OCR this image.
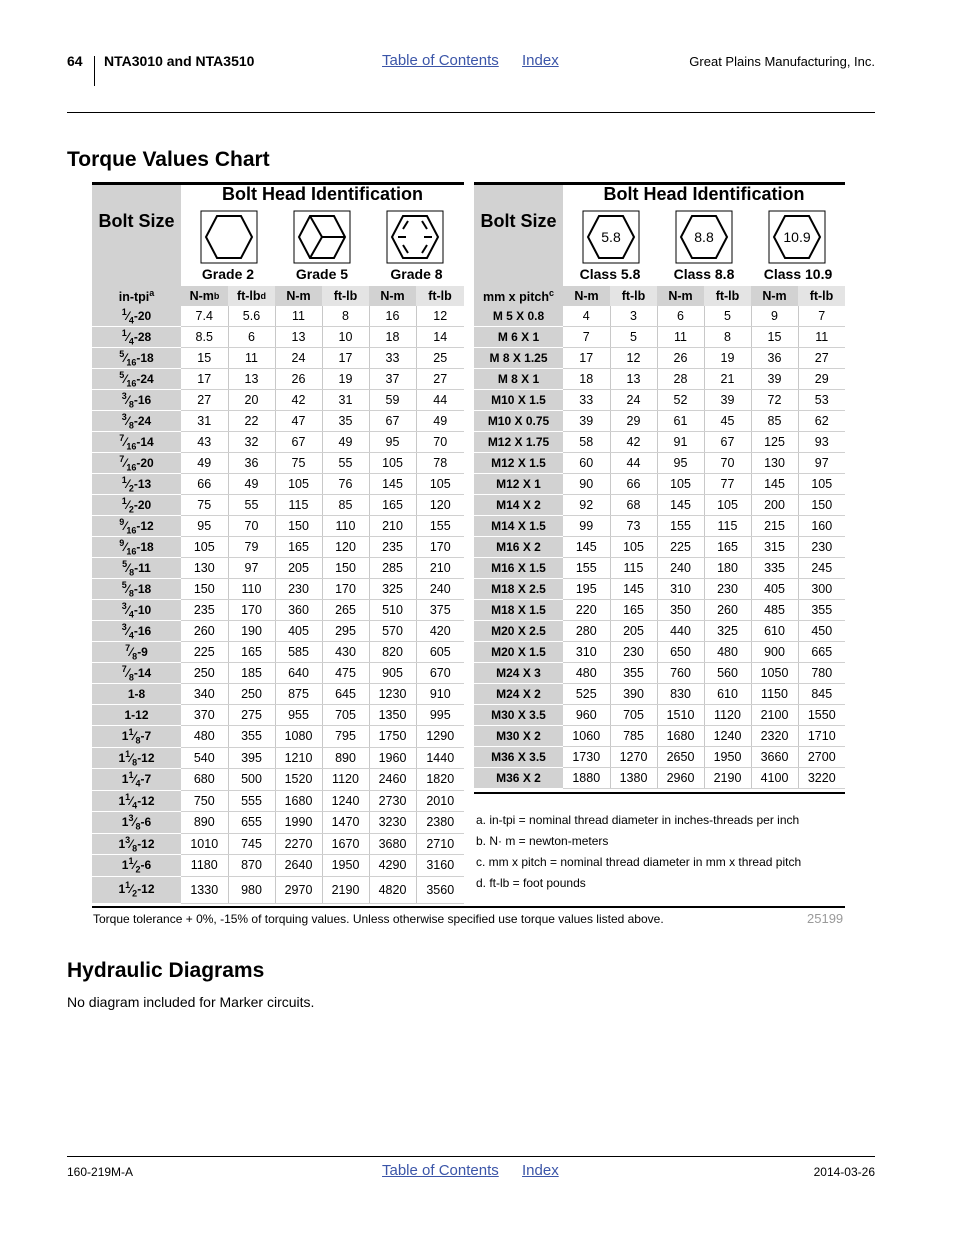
64 NTA3010 and NTA3510	Table of Contents Index	Great Plains Manufacturing, Inc.
Torque Values Chart
Bolt Size
in-tpi$^a$
Bolt Head Identification
Grade 2	Grade 5	Grade 8
N-m b ft-lb d	N-m	ft-lb	N-m	ft-lb
$^1⁄_4-20$	7.4	5.6	11	8	16	12
$^1⁄_4-28$	8.5	6	13	10	18	14
$^5⁄_{16}-18$	15	11	24	17	33	25
$^5⁄_{16}-24$	17	13	26	19	37	27
$^3⁄_8-16$	27	20	42	31	59	44
$^3⁄_8-24$	31	22	47	35	67	49
$^7⁄_{16}-14$	43	32	67	49	95	70
$^7⁄_{16}-20$	49	36	75	55	105	78
$^1⁄_2-13$	66	49	105	76	145	105
$^1⁄_2-20$	75	55	115	85	165	120
$^9⁄_{16}-12$	95	70	150	110	210	155
$^9⁄_{16}-18$	105	79	165	120	235	170
$^5⁄_8-11$	130	97	205	150	285	210
$^5⁄_8-18$	150	110	230	170	325	240
$^3⁄_4-10$	235	170	360	265	510	375
$^3⁄_4-16$	260	190	405	295	570	420
$^7⁄_8-9$	225	165	585	430	820	605
$^7⁄_8-14$	250	185	640	475	905	670
1-8	340	250	875	645	1230	910
1-12	370	275	955	705	1350	995
$1^1⁄_8-7$	480	355	1080	795	1750	1290
$1^1⁄_8-12$	540	395	1210	890	1960	1440
$1^1⁄_4-7$	680	500	1520	1120	2460	1820
$1^1⁄_4-12$	750	555	1680	1240	2730	2010
$1^3⁄_8-6$	890	655	1990	1470	3230	2380
$1^3⁄_8-12$	1010	745	2270	1670	3680	2710
$1^1⁄_2-6$	1180	870	2640	1950	4290	3160
$1^1⁄_2-12$	1330	980	2970	2190	4820	3560
Bolt Size
mm x pitch$^c$
Bolt Head Identification
5.8	8.8	10.9
Class 5.8	Class 8.8	Class 10.9
N-m	ft-lb	N-m	ft-lb	N-m	ft-lb
M 5 X 0.8	4	3	6	5	9	7
M 6 X 1	7	5	11	8	15	11
M 8 X 1.25	17	12	26	19	36	27
M 8 X 1	18	13	28	21	39	29
M10 X 1.5	33	24	52	39	72	53
M10 X 0.75	39	29	61	45	85	62
M12 X 1.75	58	42	91	67	125	93
M12 X 1.5	60	44	95	70	130	97
M12 X 1	90	66	105	77	145	105
M14 X 2	92	68	145	105	200	150
M14 X 1.5	99	73	155	115	215	160
M16 X 2	145	105	225	165	315	230
M16 X 1.5	155	115	240	180	335	245
M18 X 2.5	195	145	310	230	405	300
M18 X 1.5	220	165	350	260	485	355
M20 X 2.5	280	205	440	325	610	450
M20 X 1.5	310	230	650	480	900	665
M24 X 3	480	355	760	560	1050	780
M24 X 2	525	390	830	610	1150	845
M30 X 3.5	960	705	1510	1120	2100	1550
M30 X 2	1060	785	1680	1240	2320	1710
M36 X 3.5	1730	1270	2650	1950	3660	2700
M36 X 2	1880	1380	2960	2190	4100	3220
a. in-tpi = nominal thread diameter in inches-threads per inch
b. N· m = newton-meters
c. mm x pitch = nominal thread diameter in mm x thread pitch
d. ft-lb = foot pounds
Torque tolerance + 0%, -15% of torquing values. Unless otherwise specified use torque values listed above.	25199
Hydraulic Diagrams
No diagram included for Marker circuits.
160-219M-A	Table of Contents Index	2014-03-26
